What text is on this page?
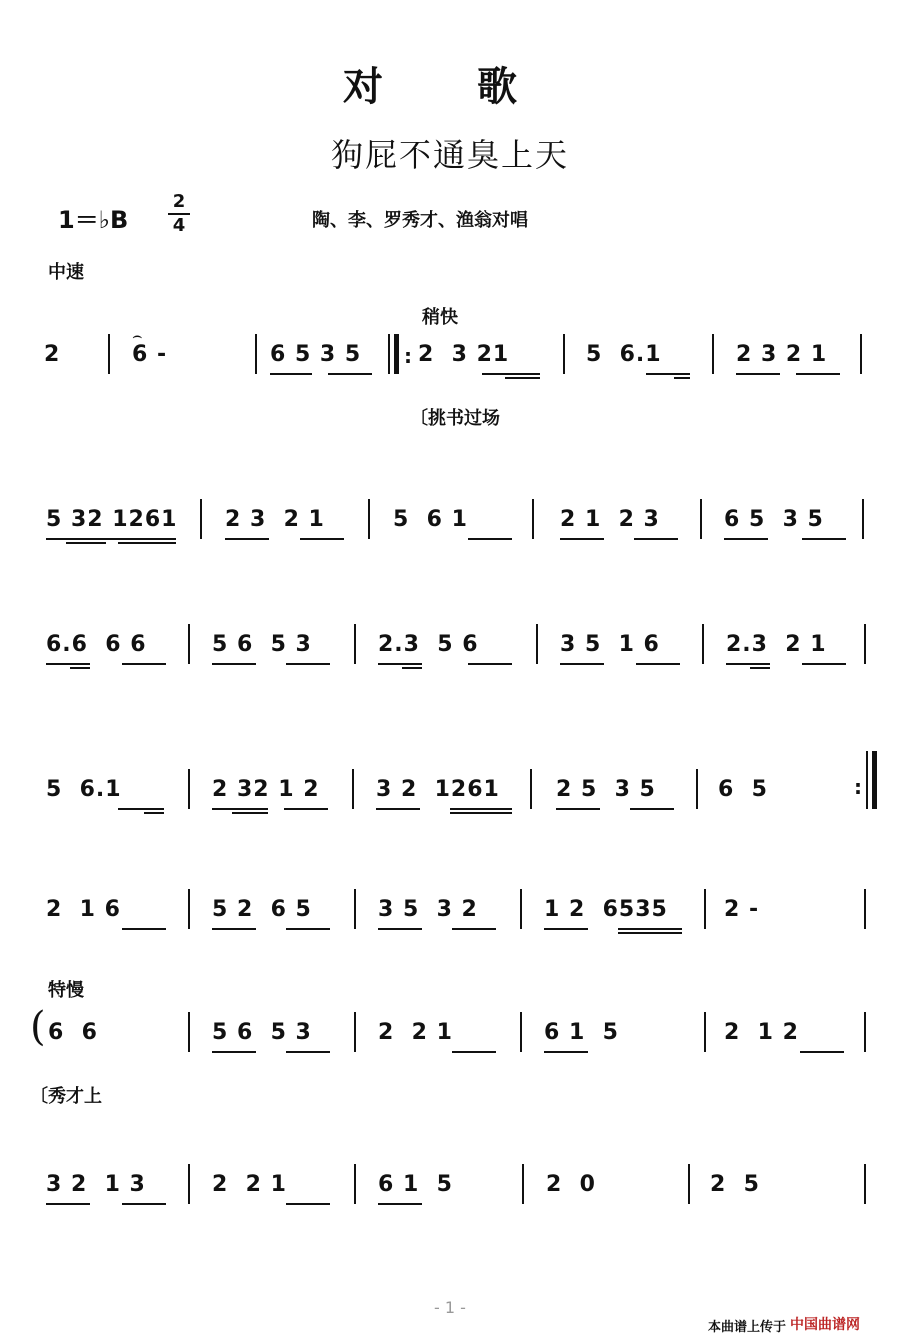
对 歌
狗屁不通臭上天
1＝♭B
2
4	陶、李、罗秀才、渔翁对唱
中速
稍快
2	6 -
⌢
6 5 3 5 : 2  3 21	5  6.1	2 3 2 1
〔挑书过场
5 32 1261 2 3  2 1	5  6 1	2 1  2 3	6 5  3 5
6.6  6 6	5 6  5 3	2.3  5 6	3 5  1 6	2.3  2 1
5  6.1	2 32 1 2	3 2  1261	2 5  3 5	6  5	:
2  1 6	5 2  6 5	3 5  3 2	1 2  6535	2 -
特慢
( 6  6	5 6  5 3	2  2 1	6 1  5	2  1 2
〔秀才上
3 2  1 3	2  2 1	6 1  5	2  0	2  5
- 1 -
本曲谱上传于 中国曲谱网
